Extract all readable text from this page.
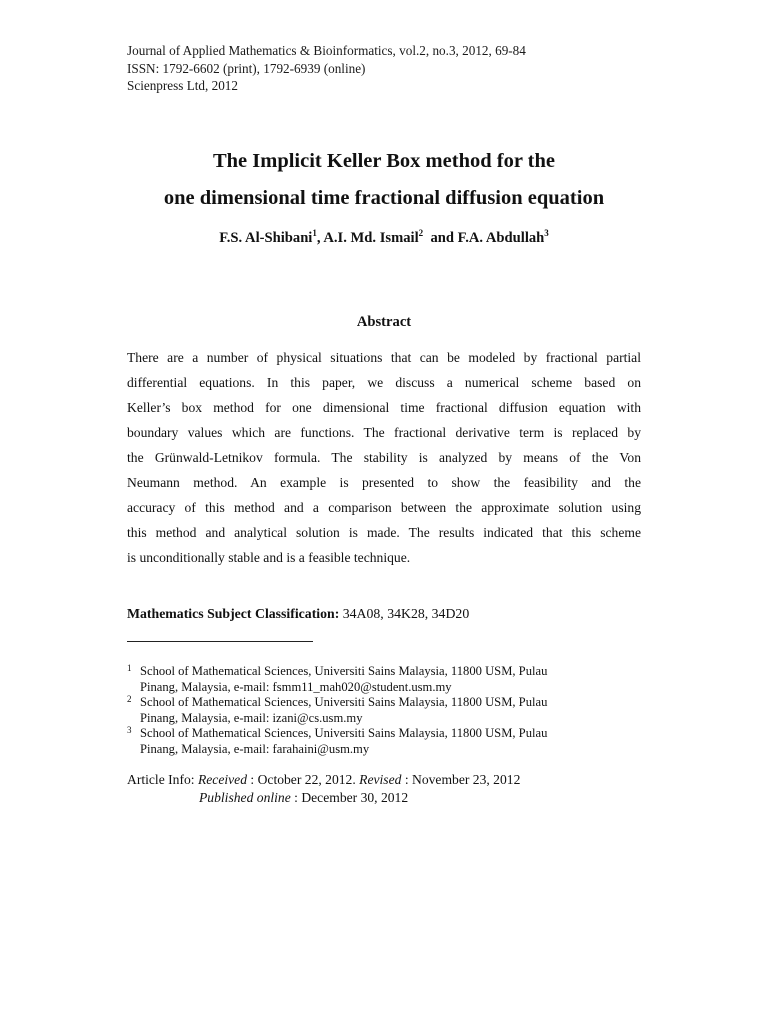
Journal of Applied Mathematics & Bioinformatics, vol.2, no.3, 2012, 69-84
ISSN: 1792-6602 (print), 1792-6939 (online)
Scienpress Ltd, 2012
The Implicit Keller Box method for the
one dimensional time fractional diffusion equation
F.S. Al-Shibani$^1$, A.I. Md. Ismail$^2$  and F.A. Abdullah$^3$
Abstract
There are a number of physical situations that can be modeled by fractional partial
differential equations. In this paper, we discuss a numerical scheme based on
Keller’s box method for one dimensional time fractional diffusion equation with
boundary values which are functions. The fractional derivative term is replaced by
the Grünwald-Letnikov formula. The stability is analyzed by means of the Von
Neumann method. An example is presented to show the feasibility and the
accuracy of this method and a comparison between the approximate solution using
this method and analytical solution is made. The results indicated that this scheme
is unconditionally stable and is a feasible technique.
Mathematics Subject Classification: 34A08, 34K28, 34D20
1 School of Mathematical Sciences, Universiti Sains Malaysia, 11800 USM, Pulau
Pinang, Malaysia, e-mail: fsmm11_mah020@student.usm.my
2 School of Mathematical Sciences, Universiti Sains Malaysia, 11800 USM, Pulau
Pinang, Malaysia, e-mail: izani@cs.usm.my
3 School of Mathematical Sciences, Universiti Sains Malaysia, 11800 USM, Pulau
Pinang, Malaysia, e-mail: farahaini@usm.my
Article Info: Received : October 22, 2012. Revised : November 23, 2012
Published online : December 30, 2012
